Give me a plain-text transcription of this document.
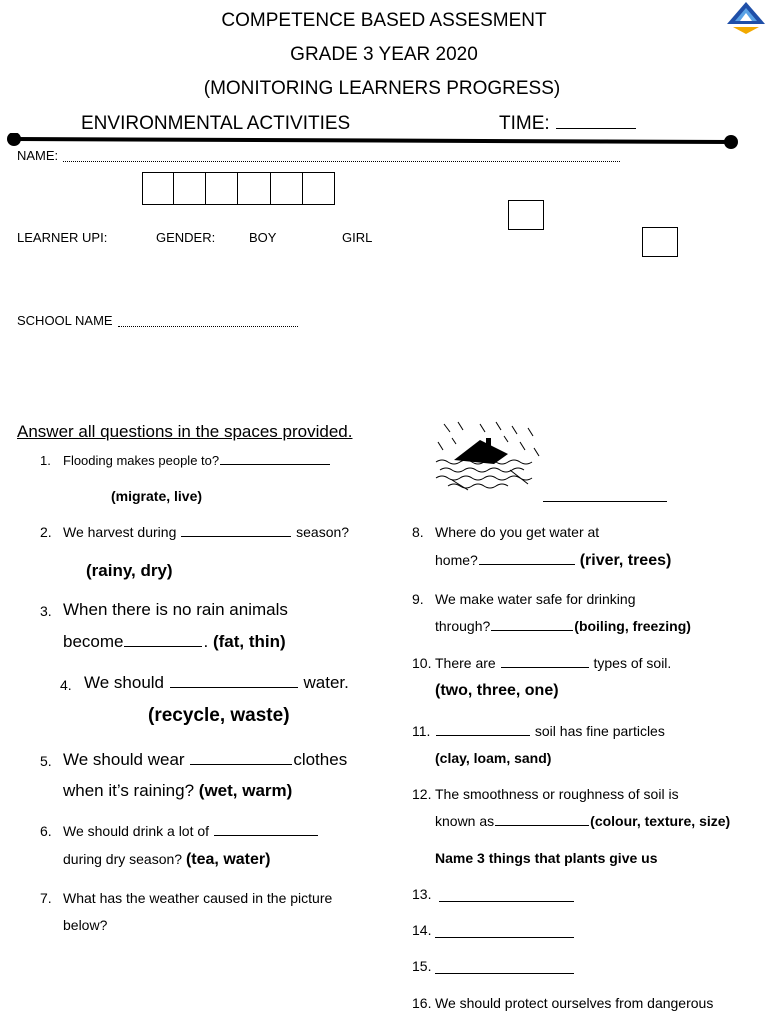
COMPETENCE BASED ASSESMENT
GRADE 3 YEAR 2020
(MONITORING LEARNERS PROGRESS)
ENVIRONMENTAL ACTIVITIES	TIME:
NAME:
LEARNER UPI:	GENDER:	BOY	GIRL
SCHOOL NAME
Answer all questions in the spaces provided.
1. Flooding makes people to?
(migrate, live)
2. We harvest during	season?
(rainy, dry)
3. When there is no rain animals
become	. (fat, thin)
4. We should	water.
(recycle, waste)
5. We should wear	clothes
when it’s raining? (wet, warm)
6. We should drink a lot of
during dry season? (tea, water)
7. What has the weather caused in the picture
below?
8. Where do you get water at
home?	(river, trees)
9. We make water safe for drinking
through?	(boiling, freezing)
10. There are	types of soil.
(two, three, one)
11.	soil has fine particles
(clay, loam, sand)
12. The smoothness or roughness of soil is
known as	(colour, texture, size)
Name 3 things that plants give us
13.
14.
15.
16. We should protect ourselves from dangerous
